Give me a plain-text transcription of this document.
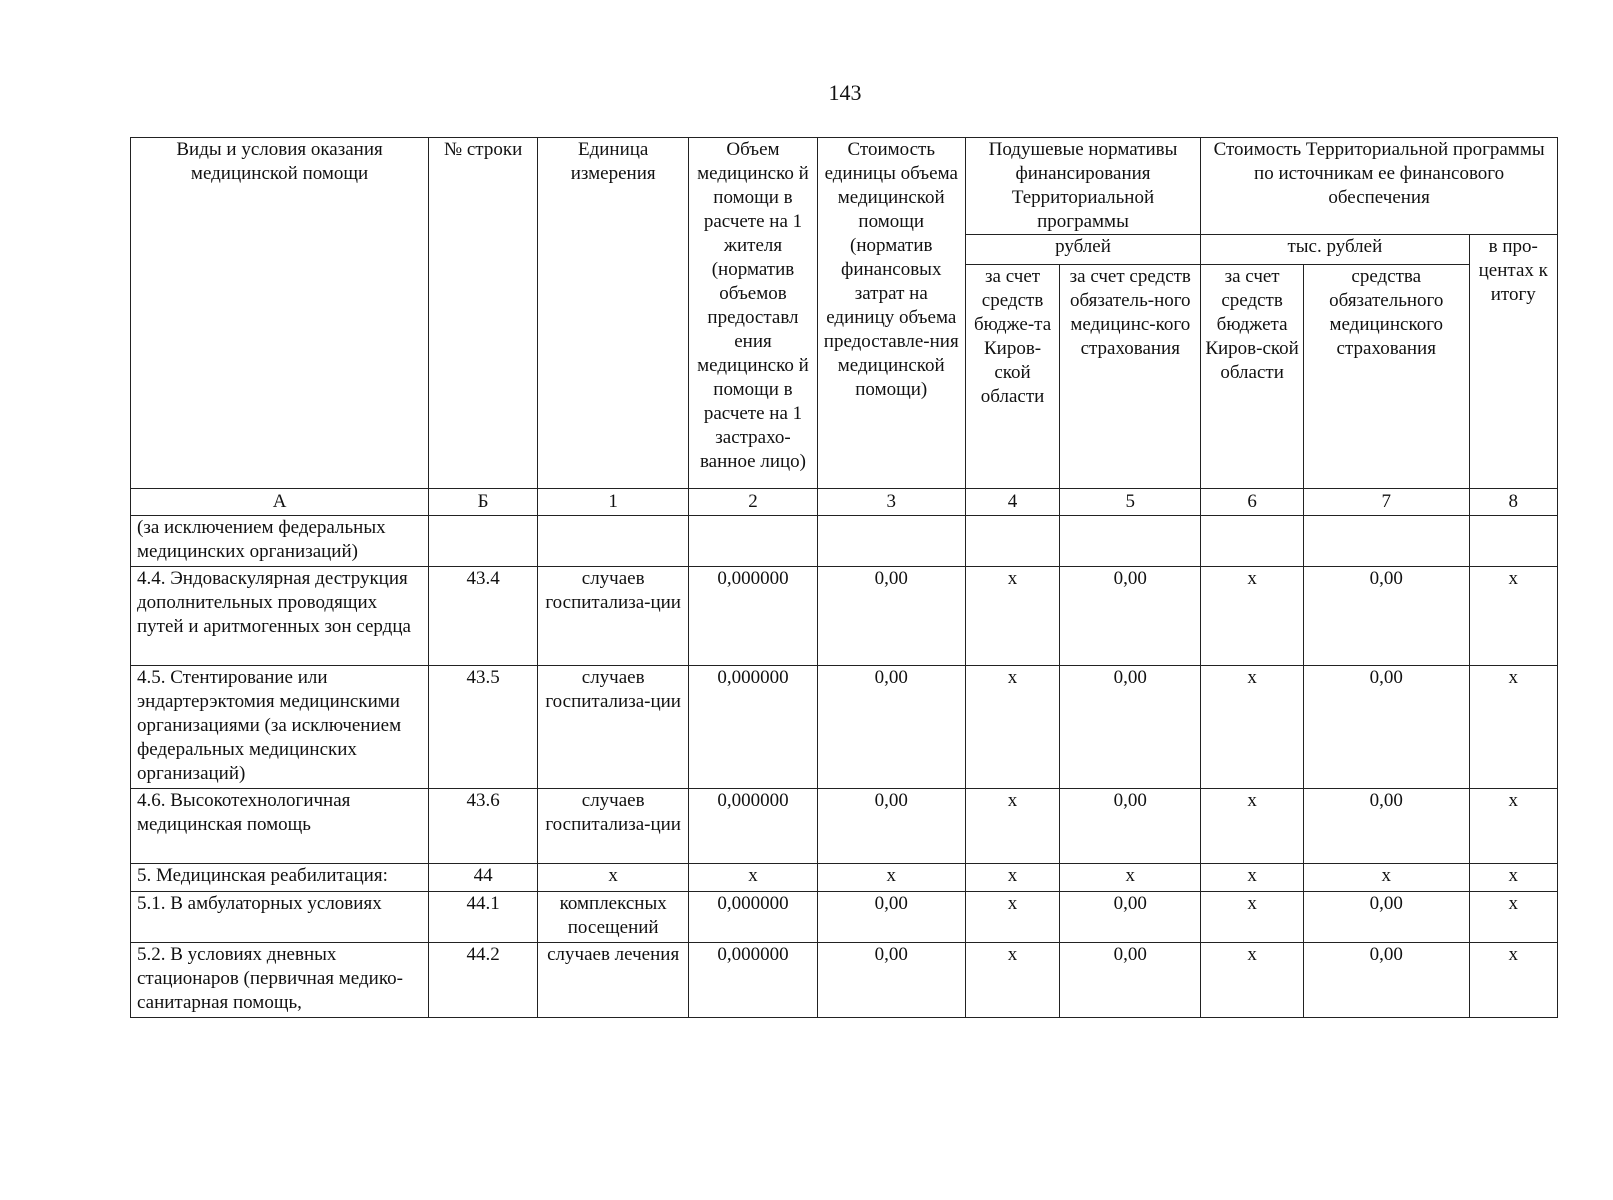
143
Виды и условия оказания медицинской помощи	№ строки	Единица измерения	Объем медицинско й помощи в расчете на 1 жителя (норматив объемов предоставл ения медицинско й помощи в расчете на 1 застрахо-ванное лицо)	Стоимость единицы объема медицинской помощи (норматив финансовых затрат на единицу объема предоставле-ния медицинской помощи)	Подушевые нормативы финансирования Территориальной программы		Стоимость Территориальной программы по источникам ее финансового обеспечения		
					рублей		тыс. рублей		в про-центах к итогу
					за счет средств бюдже-та Киров-ской области	за счет средств обязатель-ного медицинс-кого страхования	за счет средств бюджета Киров-ской области	средства обязательного медицинского страхования	
А	Б	1	2	3	4	5	6	7	8
(за исключением федеральных медицинских организаций)									
4.4. Эндоваскулярная деструкция дополнительных проводящих путей и аритмогенных зон сердца	43.4	случаев госпитализа-ции	0,000000	0,00	х	0,00	х	0,00	х
4.5. Стентирование или эндартерэктомия медицинскими организациями (за исключением федеральных медицинских организаций)	43.5	случаев госпитализа-ции	0,000000	0,00	х	0,00	х	0,00	х
4.6. Высокотехнологичная медицинская помощь	43.6	случаев госпитализа-ции	0,000000	0,00	х	0,00	х	0,00	х
5. Медицинская реабилитация:	44	х	х	х	х	х	х	х	х
5.1. В амбулаторных условиях	44.1	комплексных посещений	0,000000	0,00	х	0,00	х	0,00	х
5.2. В условиях дневных стационаров (первичная медико-санитарная помощь,	44.2	случаев лечения	0,000000	0,00	х	0,00	х	0,00	х
